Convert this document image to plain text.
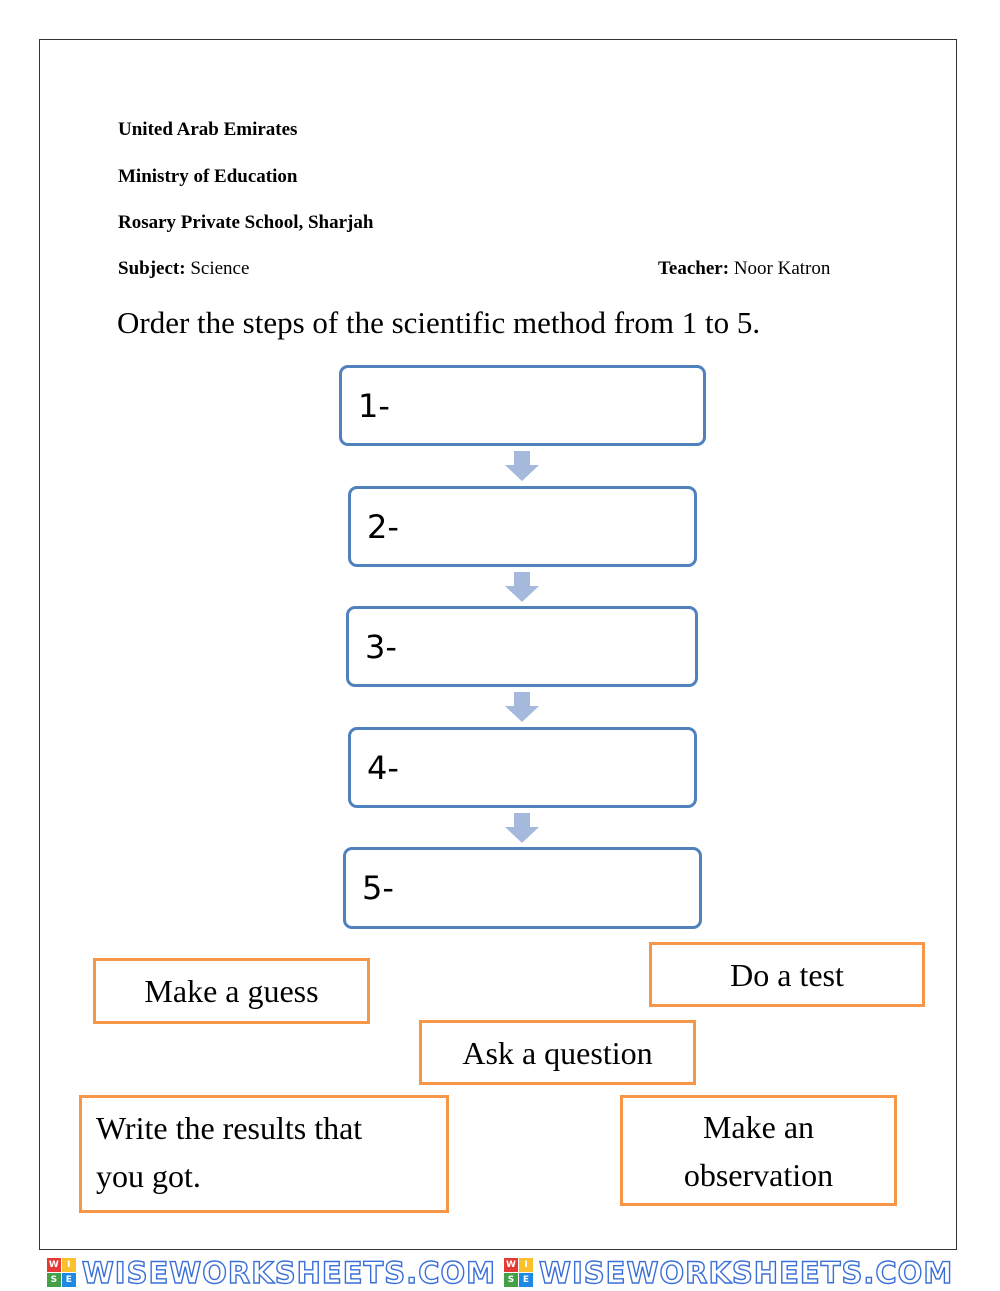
United Arab Emirates
Ministry of Education
Rosary Private School, Sharjah
Subject: Science	Teacher: Noor Katron
Order the steps of the scientific method from 1 to 5.
1-
2-
3-
4-
5-
Make a guess	Do a test
Ask a question
Write the results that
you got.
Make an
observation
W I
S E WISEWORKSHEETS.COM W I
S E WISEWORKSHEETS.COM
